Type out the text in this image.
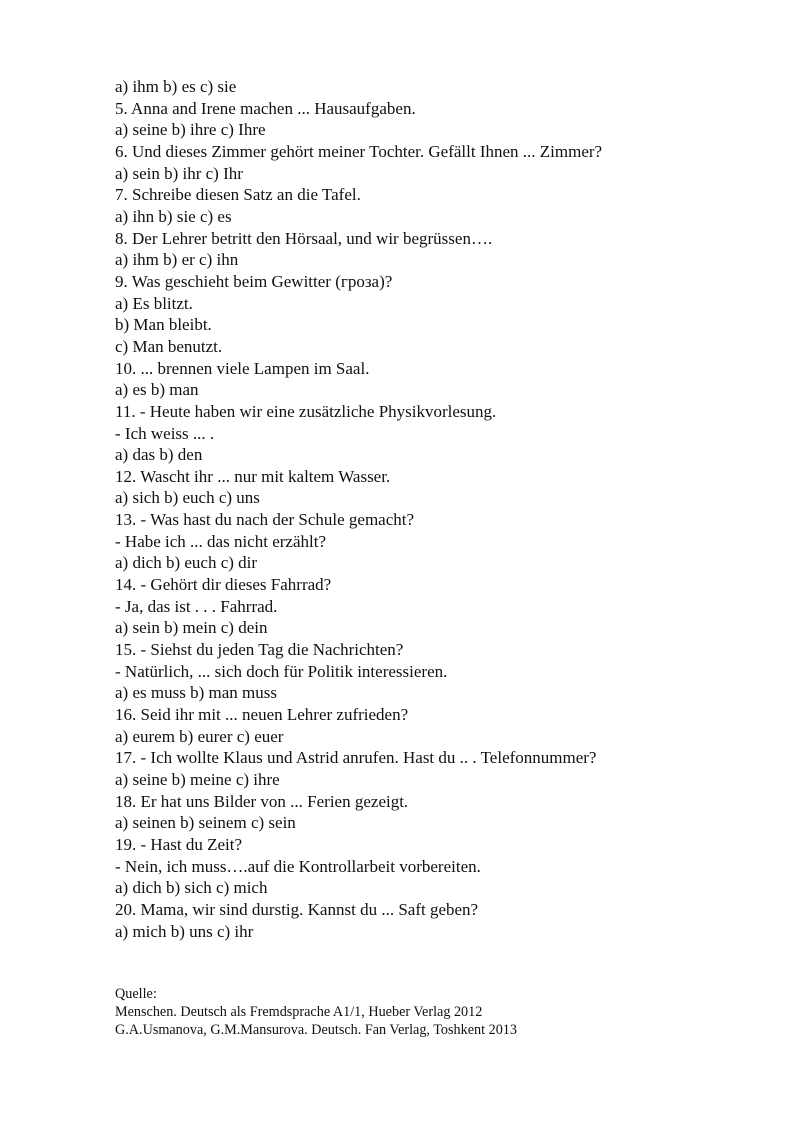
a) ihm b) es c) sie
5. Anna and Irene machen ... Hausaufgaben.
a) seine b) ihre c) Ihre
6. Und dieses Zimmer gehört meiner Tochter. Gefällt Ihnen ... Zimmer?
a) sein b) ihr c) Ihr
7. Schreibe diesen Satz an die Tafel.
a) ihn b) sie c) es
8. Der Lehrer betritt den Hörsaal, und wir begrüssen….
a) ihm b) er c) ihn
9. Was geschieht beim Gewitter (гроза)?
a) Es blitzt.
b) Man bleibt.
c) Man benutzt.
10. ... brennen viele Lampen im Saal.
a) es b) man
11. - Heute haben wir eine zusätzliche Physikvorlesung.
- Ich weiss ... .
a) das b) den
12. Wascht ihr ... nur mit kaltem Wasser.
a) sich b) euch c) uns
13. - Was hast du nach der Schule gemacht?
- Habe ich ... das nicht erzählt?
a) dich b) euch c) dir
14. - Gehört dir dieses Fahrrad?
- Ja, das ist . . . Fahrrad.
a) sein b) mein c) dein
15. - Siehst du jeden Tag die Nachrichten?
- Natürlich, ... sich doch für Politik interessieren.
a) es muss b) man muss
16. Seid ihr mit ... neuen Lehrer zufrieden?
a) eurem b) eurer c) euer
17. - Ich wollte Klaus und Astrid anrufen. Hast du .. . Telefonnummer?
a) seine b) meine c) ihre
18. Er hat uns Bilder von ... Ferien gezeigt.
a) seinen b) seinem c) sein
19. - Hast du Zeit?
- Nein, ich muss….auf die Kontrollarbeit vorbereiten.
a) dich b) sich c) mich
20. Mama, wir sind durstig. Kannst du ... Saft geben?
a) mich b) uns c) ihr
Quelle:
Menschen. Deutsch als Fremdsprache A1/1, Hueber Verlag 2012
G.A.Usmanova, G.M.Mansurova. Deutsch. Fan Verlag, Toshkent 2013
